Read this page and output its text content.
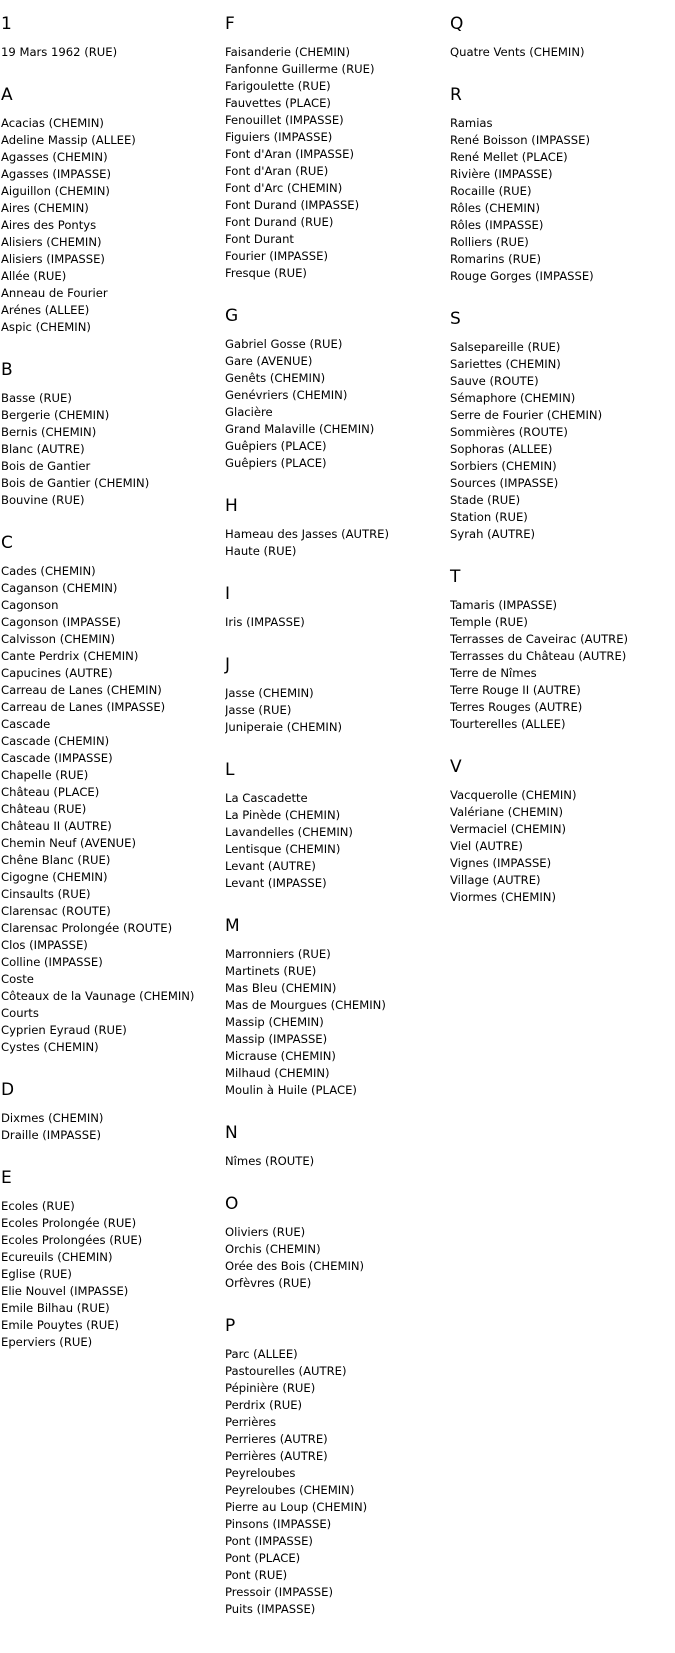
1
19 Mars 1962 (RUE)
A
Acacias (CHEMIN)
Adeline Massip (ALLEE)
Agasses (CHEMIN)
Agasses (IMPASSE)
Aiguillon (CHEMIN)
Aires (CHEMIN)
Aires des Pontys
Alisiers (CHEMIN)
Alisiers (IMPASSE)
Allée (RUE)
Anneau de Fourier
Arénes (ALLEE)
Aspic (CHEMIN)
B
Basse (RUE)
Bergerie (CHEMIN)
Bernis (CHEMIN)
Blanc (AUTRE)
Bois de Gantier
Bois de Gantier (CHEMIN)
Bouvine (RUE)
C
Cades (CHEMIN)
Caganson (CHEMIN)
Cagonson
Cagonson (IMPASSE)
Calvisson (CHEMIN)
Cante Perdrix (CHEMIN)
Capucines (AUTRE)
Carreau de Lanes (CHEMIN)
Carreau de Lanes (IMPASSE)
Cascade
Cascade (CHEMIN)
Cascade (IMPASSE)
Chapelle (RUE)
Château (PLACE)
Château (RUE)
Château II (AUTRE)
Chemin Neuf (AVENUE)
Chêne Blanc (RUE)
Cigogne (CHEMIN)
Cinsaults (RUE)
Clarensac (ROUTE)
Clarensac Prolongée (ROUTE)
Clos (IMPASSE)
Colline (IMPASSE)
Coste
Côteaux de la Vaunage (CHEMIN)
Courts
Cyprien Eyraud (RUE)
Cystes (CHEMIN)
D
Dixmes (CHEMIN)
Draille (IMPASSE)
E
Ecoles (RUE)
Ecoles Prolongée (RUE)
Ecoles Prolongées (RUE)
Ecureuils (CHEMIN)
Eglise (RUE)
Elie Nouvel (IMPASSE)
Emile Bilhau (RUE)
Emile Pouytes (RUE)
Eperviers (RUE)
F
Faisanderie (CHEMIN)
Fanfonne Guillerme (RUE)
Farigoulette (RUE)
Fauvettes (PLACE)
Fenouillet (IMPASSE)
Figuiers (IMPASSE)
Font d'Aran (IMPASSE)
Font d'Aran (RUE)
Font d'Arc (CHEMIN)
Font Durand (IMPASSE)
Font Durand (RUE)
Font Durant
Fourier (IMPASSE)
Fresque (RUE)
G
Gabriel Gosse (RUE)
Gare (AVENUE)
Genêts (CHEMIN)
Genévriers (CHEMIN)
Glacière
Grand Malaville (CHEMIN)
Guêpiers (PLACE)
Guêpiers (PLACE)
H
Hameau des Jasses (AUTRE)
Haute (RUE)
I
Iris (IMPASSE)
J
Jasse (CHEMIN)
Jasse (RUE)
Juniperaie (CHEMIN)
L
La Cascadette
La Pinède (CHEMIN)
Lavandelles (CHEMIN)
Lentisque (CHEMIN)
Levant (AUTRE)
Levant (IMPASSE)
M
Marronniers (RUE)
Martinets (RUE)
Mas Bleu (CHEMIN)
Mas de Mourgues (CHEMIN)
Massip (CHEMIN)
Massip (IMPASSE)
Micrause (CHEMIN)
Milhaud (CHEMIN)
Moulin à Huile (PLACE)
N
Nîmes (ROUTE)
O
Oliviers (RUE)
Orchis (CHEMIN)
Orée des Bois (CHEMIN)
Orfèvres (RUE)
P
Parc (ALLEE)
Pastourelles (AUTRE)
Pépinière (RUE)
Perdrix (RUE)
Perrières
Perrieres (AUTRE)
Perrières (AUTRE)
Peyreloubes
Peyreloubes (CHEMIN)
Pierre au Loup (CHEMIN)
Pinsons (IMPASSE)
Pont (IMPASSE)
Pont (PLACE)
Pont (RUE)
Pressoir (IMPASSE)
Puits (IMPASSE)
Q
Quatre Vents (CHEMIN)
R
Ramias
René Boisson (IMPASSE)
René Mellet (PLACE)
Rivière (IMPASSE)
Rocaille (RUE)
Rôles (CHEMIN)
Rôles (IMPASSE)
Rolliers (RUE)
Romarins (RUE)
Rouge Gorges (IMPASSE)
S
Salsepareille (RUE)
Sariettes (CHEMIN)
Sauve (ROUTE)
Sémaphore (CHEMIN)
Serre de Fourier (CHEMIN)
Sommières (ROUTE)
Sophoras (ALLEE)
Sorbiers (CHEMIN)
Sources (IMPASSE)
Stade (RUE)
Station (RUE)
Syrah (AUTRE)
T
Tamaris (IMPASSE)
Temple (RUE)
Terrasses de Caveirac (AUTRE)
Terrasses du Château (AUTRE)
Terre de Nîmes
Terre Rouge II (AUTRE)
Terres Rouges (AUTRE)
Tourterelles (ALLEE)
V
Vacquerolle (CHEMIN)
Valériane (CHEMIN)
Vermaciel (CHEMIN)
Viel (AUTRE)
Vignes (IMPASSE)
Village (AUTRE)
Viormes (CHEMIN)
